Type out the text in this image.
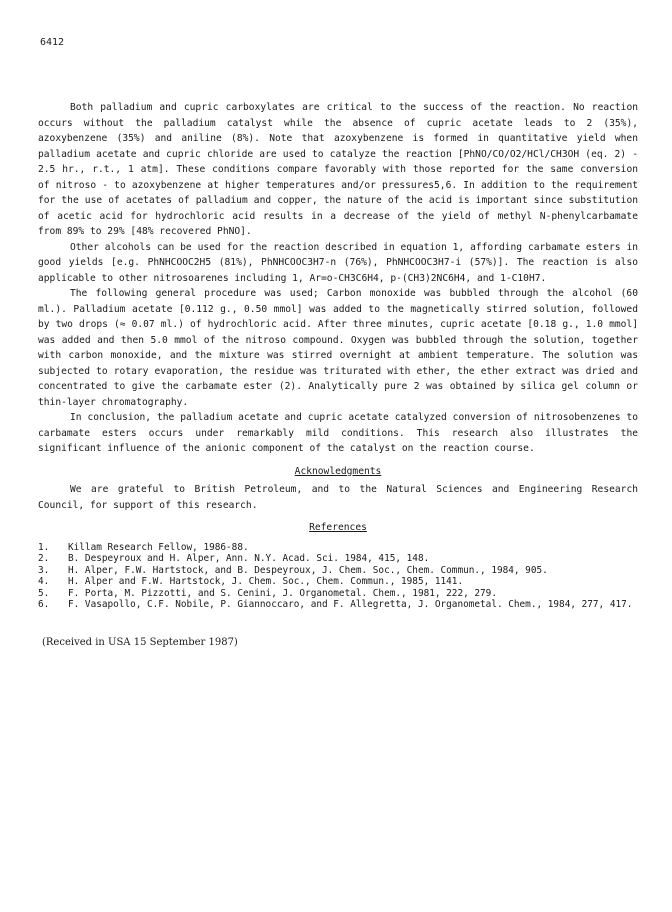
6412

Both palladium and cupric carboxylates are critical to the success of the reaction. No reaction occurs without the palladium catalyst while the absence of cupric acetate leads to 2 (35%), azoxybenzene (35%) and aniline (8%). Note that azoxybenzene is formed in quantitative yield when palladium acetate and cupric chloride are used to catalyze the reaction [PhNO/CO/O2/HCl/CH3OH (eq. 2) - 2.5 hr., r.t., 1 atm]. These conditions compare favorably with those reported for the same conversion of nitroso - to azoxybenzene at higher temperatures and/or pressures5,6. In addition to the requirement for the use of acetates of palladium and copper, the nature of the acid is important since substitution of acetic acid for hydrochloric acid results in a decrease of the yield of methyl N-phenylcarbamate from 89% to 29% [48% recovered PhNO].

Other alcohols can be used for the reaction described in equation 1, affording carbamate esters in good yields [e.g. PhNHCOOC2H5 (81%), PhNHCOOC3H7-n (76%), PhNHCOOC3H7-i (57%)]. The reaction is also applicable to other nitrosoarenes including 1, Ar=o-CH3C6H4, p-(CH3)2NC6H4, and 1-C10H7.

The following general procedure was used; Carbon monoxide was bubbled through the alcohol (60 ml.). Palladium acetate [0.112 g., 0.50 mmol] was added to the magnetically stirred solution, followed by two drops (≈ 0.07 ml.) of hydrochloric acid. After three minutes, cupric acetate [0.18 g., 1.0 mmol] was added and then 5.0 mmol of the nitroso compound. Oxygen was bubbled through the solution, together with carbon monoxide, and the mixture was stirred overnight at ambient temperature. The solution was subjected to rotary evaporation, the residue was triturated with ether, the ether extract was dried and concentrated to give the carbamate ester (2). Analytically pure 2 was obtained by silica gel column or thin-layer chromatography.

In conclusion, the palladium acetate and cupric acetate catalyzed conversion of nitrosobenzenes to carbamate esters occurs under remarkably mild conditions. This research also illustrates the significant influence of the anionic component of the catalyst on the reaction course.

Acknowledgments

We are grateful to British Petroleum, and to the Natural Sciences and Engineering Research Council, for support of this research.

References
1.	Killam Research Fellow, 1986-88.
2.	B. Despeyroux and H. Alper, Ann. N.Y. Acad. Sci. 1984, 415, 148.
3.	H. Alper, F.W. Hartstock, and B. Despeyroux, J. Chem. Soc., Chem. Commun., 1984, 905.
4.	H. Alper and F.W. Hartstock, J. Chem. Soc., Chem. Commun., 1985, 1141.
5.	F. Porta, M. Pizzotti, and S. Cenini, J. Organometal. Chem., 1981, 222, 279.
6.	F. Vasapollo, C.F. Nobile, P. Giannoccaro, and F. Allegretta, J. Organometal. Chem., 1984, 277, 417.
(Received in USA 15 September 1987)
